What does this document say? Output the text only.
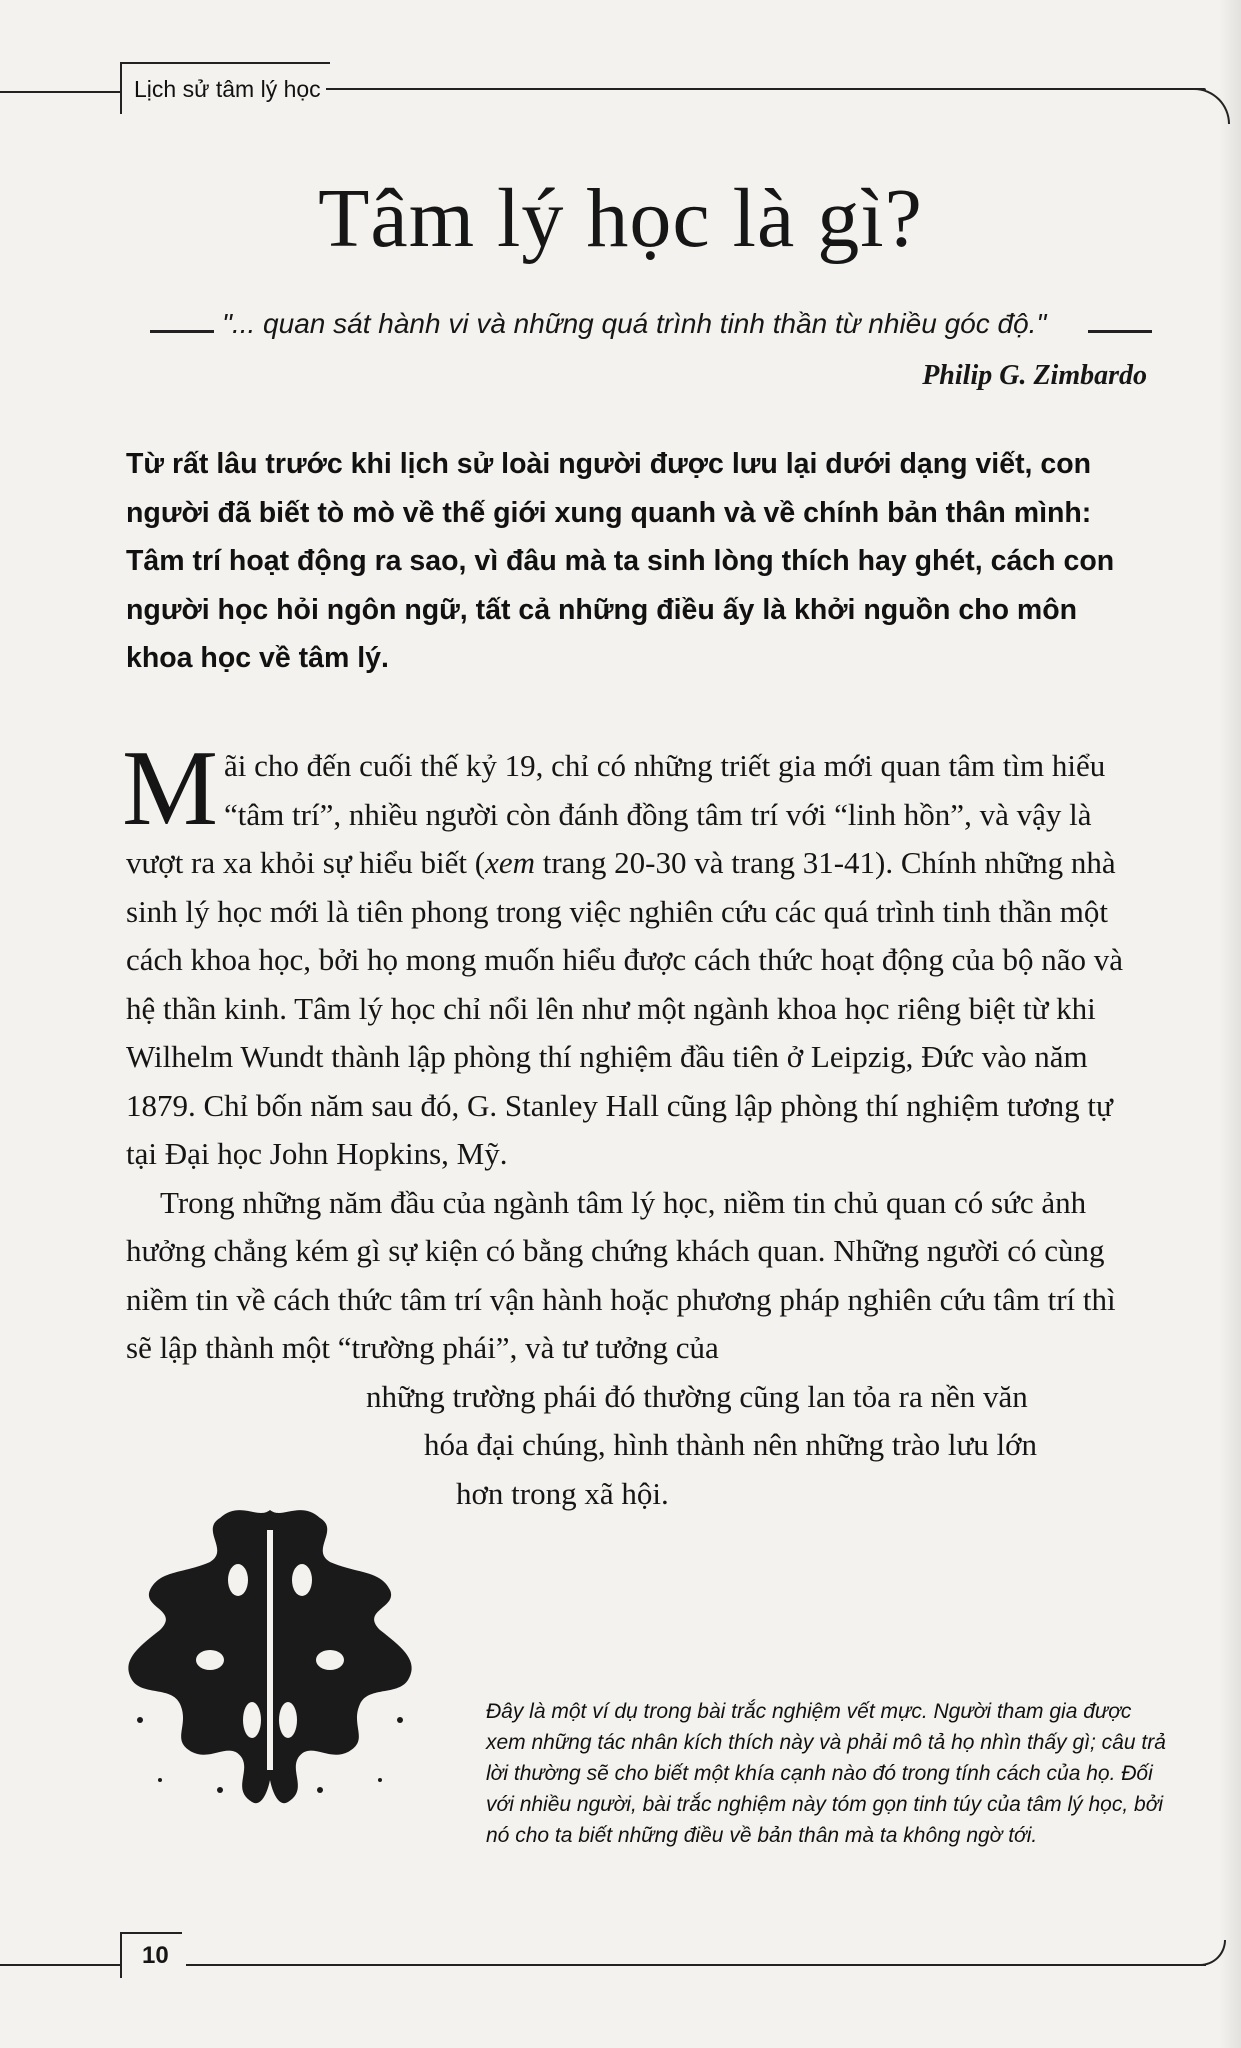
Lịch sử tâm lý học
Tâm lý học là gì?
"... quan sát hành vi và những quá trình tinh thần từ nhiều góc độ."
Philip G. Zimbardo

Từ rất lâu trước khi lịch sử loài người được lưu lại dưới dạng viết, con người đã biết tò mò về thế giới xung quanh và về chính bản thân mình: Tâm trí hoạt động ra sao, vì đâu mà ta sinh lòng thích hay ghét, cách con người học hỏi ngôn ngữ, tất cả những điều ấy là khởi nguồn cho môn khoa học về tâm lý.

Mãi cho đến cuối thế kỷ 19, chỉ có những triết gia mới quan tâm tìm hiểu “tâm trí”, nhiều người còn đánh đồng tâm trí với “linh hồn”, và vậy là vượt ra xa khỏi sự hiểu biết (xem trang 20-30 và trang 31-41). Chính những nhà sinh lý học mới là tiên phong trong việc nghiên cứu các quá trình tinh thần một cách khoa học, bởi họ mong muốn hiểu được cách thức hoạt động của bộ não và hệ thần kinh. Tâm lý học chỉ nổi lên như một ngành khoa học riêng biệt từ khi Wilhelm Wundt thành lập phòng thí nghiệm đầu tiên ở Leipzig, Đức vào năm 1879. Chỉ bốn năm sau đó, G. Stanley Hall cũng lập phòng thí nghiệm tương tự tại Đại học John Hopkins, Mỹ.

Trong những năm đầu của ngành tâm lý học, niềm tin chủ quan có sức ảnh hưởng chẳng kém gì sự kiện có bằng chứng khách quan. Những người có cùng niềm tin về cách thức tâm trí vận hành hoặc phương pháp nghiên cứu tâm trí thì sẽ lập thành một “trường phái”, và tư tưởng của

những trường phái đó thường cũng lan tỏa ra nền văn

hóa đại chúng, hình thành nên những trào lưu lớn

hơn trong xã hội.

Đây là một ví dụ trong bài trắc nghiệm vết mực. Người tham gia được xem những tác nhân kích thích này và phải mô tả họ nhìn thấy gì; câu trả lời thường sẽ cho biết một khía cạnh nào đó trong tính cách của họ. Đối với nhiều người, bài trắc nghiệm này tóm gọn tinh túy của tâm lý học, bởi nó cho ta biết những điều về bản thân mà ta không ngờ tới.

10
